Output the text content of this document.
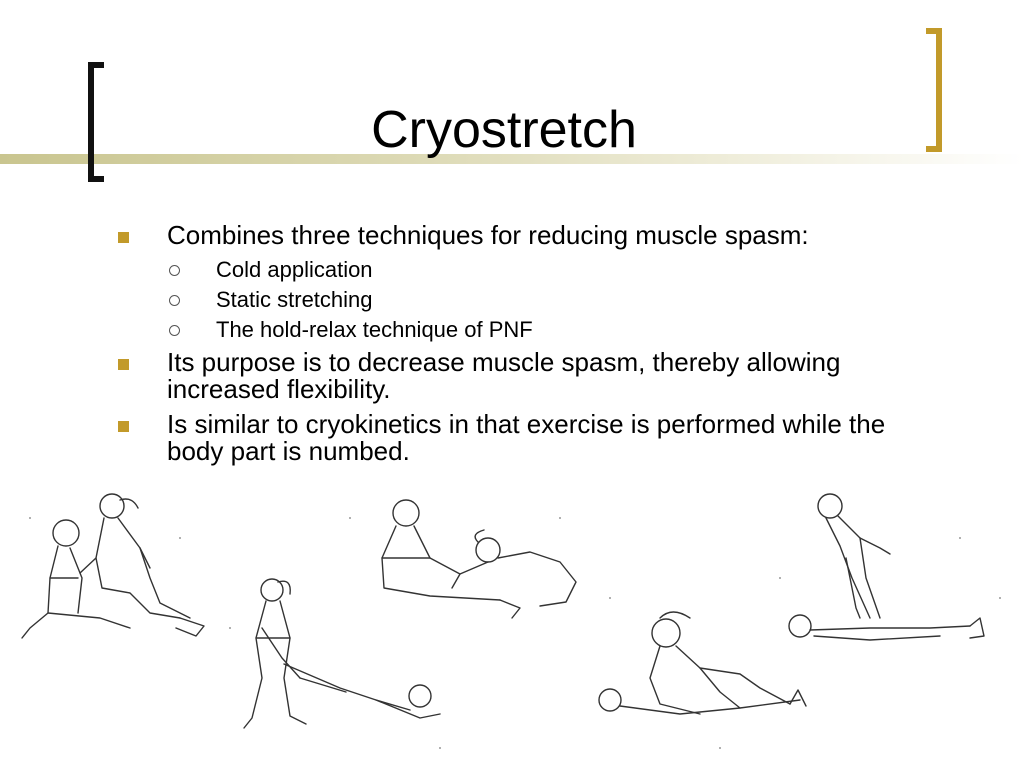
Cryostretch
Combines three techniques for reducing muscle spasm:
Cold application
Static stretching
The hold-relax technique of PNF
Its purpose is to decrease muscle spasm, thereby allowing increased flexibility.
Is similar to cryokinetics in that exercise is performed while the body part is numbed.
